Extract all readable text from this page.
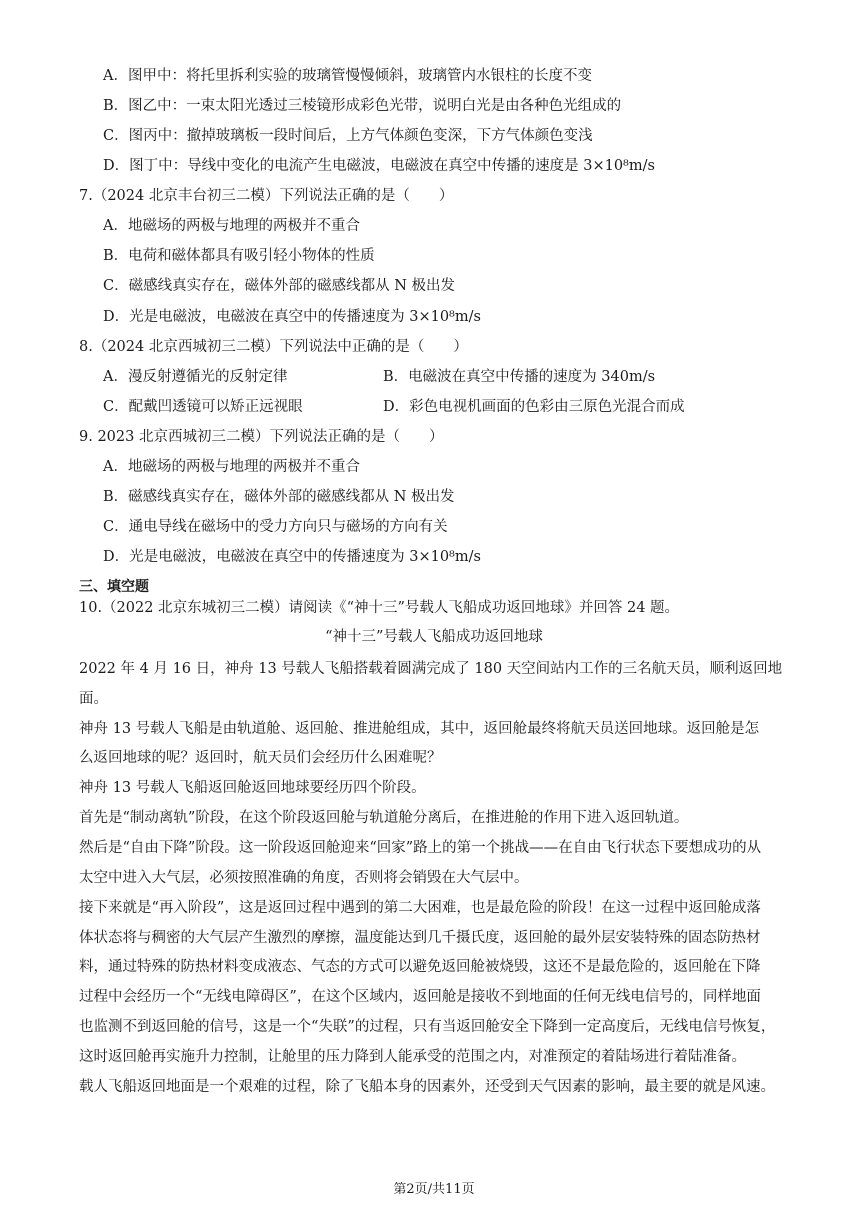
A．图甲中：将托里拆利实验的玻璃管慢慢倾斜，玻璃管内水银柱的长度不变
B．图乙中：一束太阳光透过三棱镜形成彩色光带，说明白光是由各种色光组成的
C．图丙中：撤掉玻璃板一段时间后，上方气体颜色变深，下方气体颜色变浅
D．图丁中：导线中变化的电流产生电磁波，电磁波在真空中传播的速度是 3×10⁸m/s
7.（2024 北京丰台初三二模）下列说法正确的是（　　）
A．地磁场的两极与地理的两极并不重合
B．电荷和磁体都具有吸引轻小物体的性质
C．磁感线真实存在，磁体外部的磁感线都从 N 极出发
D．光是电磁波，电磁波在真空中的传播速度为 3×10⁸m/s
8.（2024 北京西城初三二模）下列说法中正确的是（　　）
A．漫反射遵循光的反射定律	B．电磁波在真空中传播的速度为 340m/s
C．配戴凹透镜可以矫正远视眼	D．彩色电视机画面的色彩由三原色光混合而成
9. 2023 北京西城初三二模）下列说法正确的是（　　）
A．地磁场的两极与地理的两极并不重合
B．磁感线真实存在，磁体外部的磁感线都从 N 极出发
C．通电导线在磁场中的受力方向只与磁场的方向有关
D．光是电磁波，电磁波在真空中的传播速度为 3×10⁸m/s
三、填空题
10.（2022 北京东城初三二模）请阅读《“神十三”号载人飞船成功返回地球》并回答 24 题。
“神十三”号载人飞船成功返回地球
2022 年 4 月 16 日，神舟 13 号载人飞船搭载着圆满完成了 180 天空间站内工作的三名航天员，顺利返回地
面。
神舟 13 号载人飞船是由轨道舱、返回舱、推进舱组成，其中，返回舱最终将航天员送回地球。返回舱是怎
么返回地球的呢？返回时，航天员们会经历什么困难呢？
神舟 13 号载人飞船返回舱返回地球要经历四个阶段。
首先是“制动离轨”阶段，在这个阶段返回舱与轨道舱分离后，在推进舱的作用下进入返回轨道。
然后是“自由下降”阶段。这一阶段返回舱迎来“回家”路上的第一个挑战——在自由飞行状态下要想成功的从
太空中进入大气层，必须按照准确的角度，否则将会销毁在大气层中。
接下来就是“再入阶段”，这是返回过程中遇到的第二大困难，也是最危险的阶段！在这一过程中返回舱成落
体状态将与稠密的大气层产生激烈的摩擦，温度能达到几千摄氏度，返回舱的最外层安装特殊的固态防热材
料，通过特殊的防热材料变成液态、气态的方式可以避免返回舱被烧毁，这还不是最危险的，返回舱在下降
过程中会经历一个“无线电障碍区”，在这个区域内，返回舱是接收不到地面的任何无线电信号的，同样地面
也监测不到返回舱的信号，这是一个“失联”的过程，只有当返回舱安全下降到一定高度后，无线电信号恢复，
这时返回舱再实施升力控制，让舱里的压力降到人能承受的范围之内，对准预定的着陆场进行着陆准备。
载人飞船返回地面是一个艰难的过程，除了飞船本身的因素外，还受到天气因素的影响，最主要的就是风速。
第2页/共11页
